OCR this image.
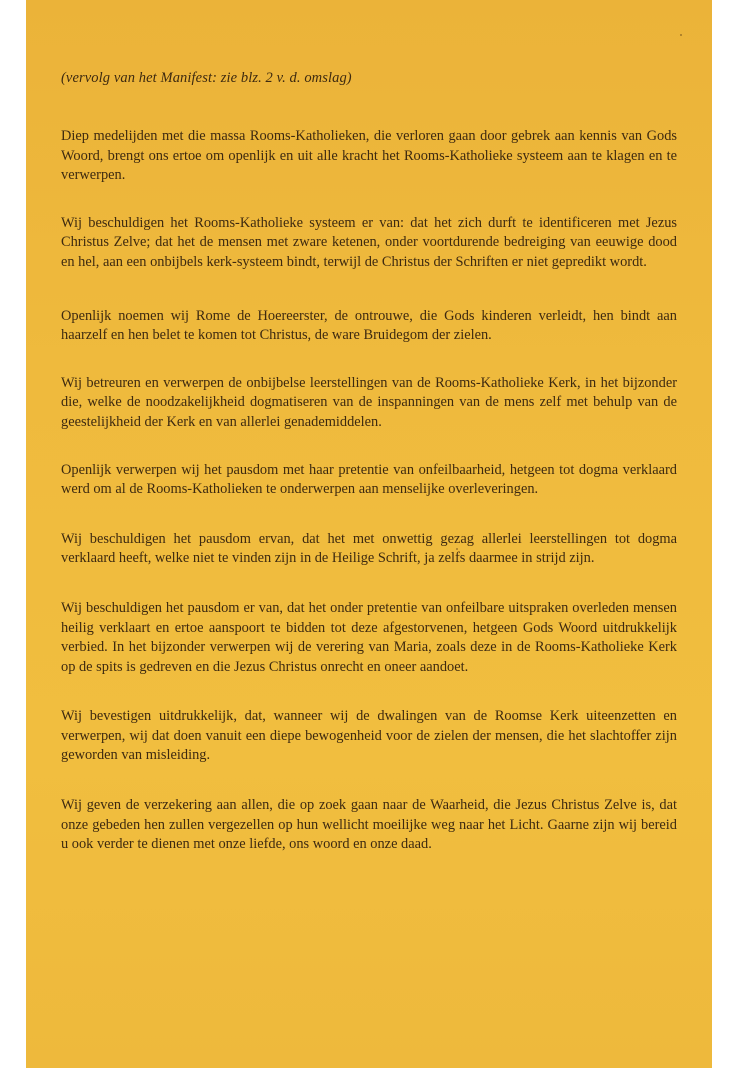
(vervolg van het Manifest: zie blz. 2 v. d. omslag)

Diep medelijden met die massa Rooms-Katholieken, die verloren gaan door gebrek aan kennis van Gods Woord, brengt ons ertoe om openlijk en uit alle kracht het Rooms-Katholieke systeem aan te klagen en te verwerpen.

Wij beschuldigen het Rooms-Katholieke systeem er van: dat het zich durft te identificeren met Jezus Christus Zelve; dat het de mensen met zware ketenen, onder voortdurende bedreiging van eeuwige dood en hel, aan een onbijbels kerk-systeem bindt, terwijl de Christus der Schriften er niet gepredikt wordt.

Openlijk noemen wij Rome de Hoereerster, de ontrouwe, die Gods kinderen verleidt, hen bindt aan haarzelf en hen belet te komen tot Christus, de ware Bruidegom der zielen.

Wij betreuren en verwerpen de onbijbelse leerstellingen van de Rooms-Katholieke Kerk, in het bijzonder die, welke de noodzakelijkheid dogmatiseren van de inspanningen van de mens zelf met behulp van de geestelijkheid der Kerk en van allerlei genademiddelen.

Openlijk verwerpen wij het pausdom met haar pretentie van onfeilbaarheid, hetgeen tot dogma verklaard werd om al de Rooms-Katholieken te onderwerpen aan menselijke overleveringen.

Wij beschuldigen het pausdom ervan, dat het met onwettig gezag allerlei leerstellingen tot dogma verklaard heeft, welke niet te vinden zijn in de Heilige Schrift, ja zelfs daarmee in strijd zijn.

Wij beschuldigen het pausdom er van, dat het onder pretentie van onfeilbare uitspraken overleden mensen heilig verklaart en ertoe aanspoort te bidden tot deze afgestorvenen, hetgeen Gods Woord uitdrukkelijk verbied. In het bijzonder verwerpen wij de verering van Maria, zoals deze in de Rooms-Katholieke Kerk op de spits is gedreven en die Jezus Christus onrecht en oneer aandoet.

Wij bevestigen uitdrukkelijk, dat, wanneer wij de dwalingen van de Roomse Kerk uiteenzetten en verwerpen, wij dat doen vanuit een diepe bewogenheid voor de zielen der mensen, die het slachtoffer zijn geworden van misleiding.

Wij geven de verzekering aan allen, die op zoek gaan naar de Waarheid, die Jezus Christus Zelve is, dat onze gebeden hen zullen vergezellen op hun wellicht moeilijke weg naar het Licht. Gaarne zijn wij bereid u ook verder te dienen met onze liefde, ons woord en onze daad.
